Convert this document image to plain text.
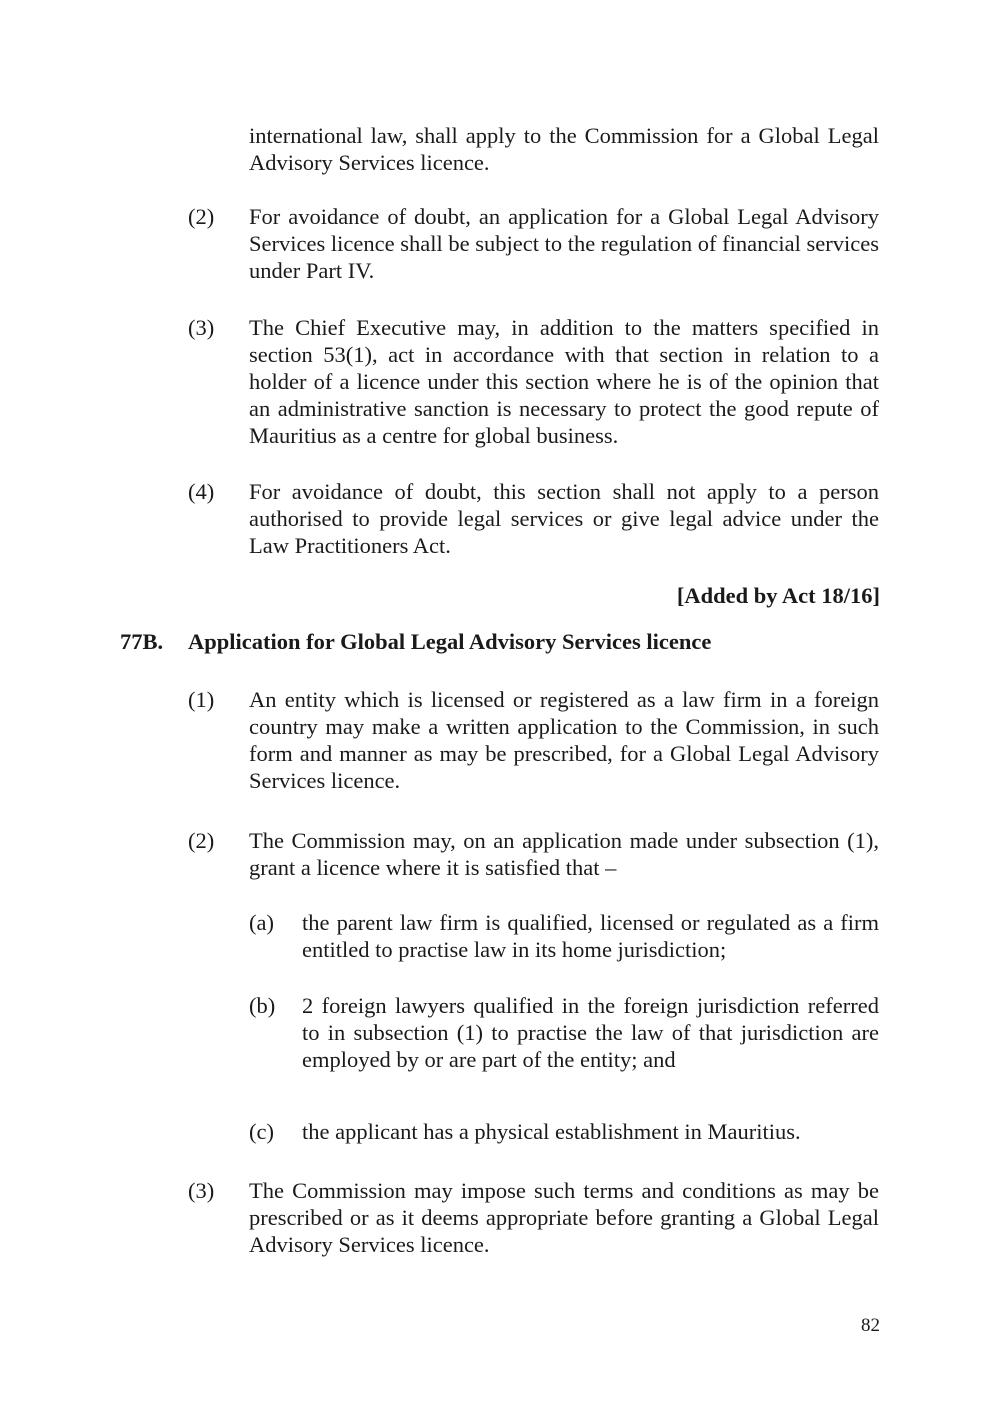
international law, shall apply to the Commission for a Global Legal Advisory Services licence.

(2)	For avoidance of doubt, an application for a Global Legal Advisory Services licence shall be subject to the regulation of financial services under Part IV.

(3)	The Chief Executive may, in addition to the matters specified in section 53(1), act in accordance with that section in relation to a holder of a licence under this section where he is of the opinion that an administrative sanction is necessary to protect the good repute of Mauritius as a centre for global business.

(4)	For avoidance of doubt, this section shall not apply to a person authorised to provide legal services or give legal advice under the Law Practitioners Act.

[Added by Act 18/16]
77B.	Application for Global Legal Advisory Services licence
(1)	An entity which is licensed or registered as a law firm in a foreign country may make a written application to the Commission, in such form and manner as may be prescribed, for a Global Legal Advisory Services licence.

(2)	The Commission may, on an application made under subsection (1), grant a licence where it is satisfied that –

(a)	the parent law firm is qualified, licensed or regulated as a firm entitled to practise law in its home jurisdiction;

(b)	2 foreign lawyers qualified in the foreign jurisdiction referred to in subsection (1) to practise the law of that jurisdiction are employed by or are part of the entity; and

(c)	the applicant has a physical establishment in Mauritius.

(3)	The Commission may impose such terms and conditions as may be prescribed or as it deems appropriate before granting a Global Legal Advisory Services licence.

82
